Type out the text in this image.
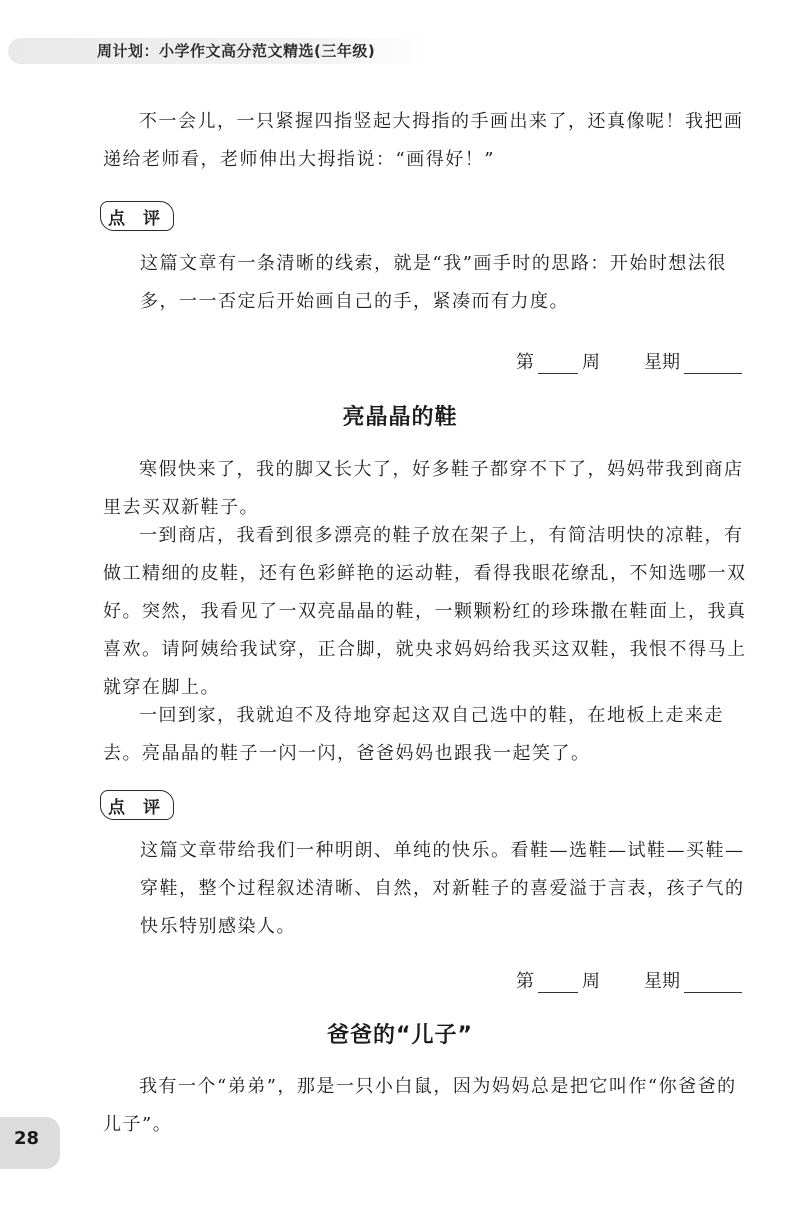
周计划：小学作文高分范文精选(三年级)

不一会儿，一只紧握四指竖起大拇指的手画出来了，还真像呢！我把画递给老师看，老师伸出大拇指说：“画得好！”

点 评

这篇文章有一条清晰的线索，就是“我”画手时的思路：开始时想法很多，一一否定后开始画自己的手，紧凑而有力度。

第	周 星期
亮晶晶的鞋

寒假快来了，我的脚又长大了，好多鞋子都穿不下了，妈妈带我到商店里去买双新鞋子。

一到商店，我看到很多漂亮的鞋子放在架子上，有简洁明快的凉鞋，有做工精细的皮鞋，还有色彩鲜艳的运动鞋，看得我眼花缭乱，不知选哪一双好。突然，我看见了一双亮晶晶的鞋，一颗颗粉红的珍珠撒在鞋面上，我真喜欢。请阿姨给我试穿，正合脚，就央求妈妈给我买这双鞋，我恨不得马上就穿在脚上。

一回到家，我就迫不及待地穿起这双自己选中的鞋，在地板上走来走去。亮晶晶的鞋子一闪一闪，爸爸妈妈也跟我一起笑了。

点 评

这篇文章带给我们一种明朗、单纯的快乐。看鞋—选鞋—试鞋—买鞋—穿鞋，整个过程叙述清晰、自然，对新鞋子的喜爱溢于言表，孩子气的快乐特别感染人。

第	周 星期
爸爸的“儿子”

我有一个“弟弟”，那是一只小白鼠，因为妈妈总是把它叫作“你爸爸的儿子”。

28
